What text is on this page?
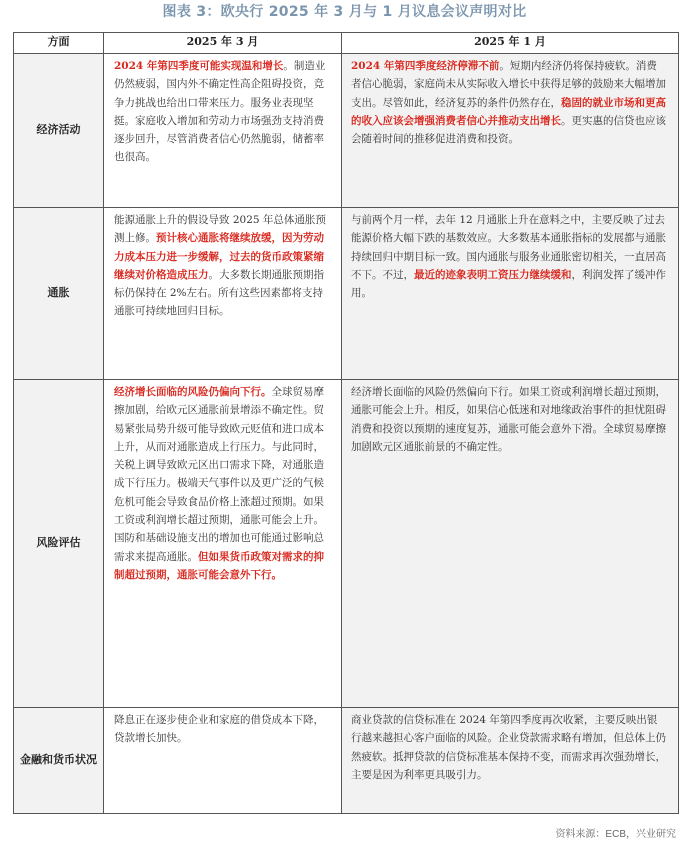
图表 3：欧央行 2025 年 3 月与 1 月议息会议声明对比
方面	2025 年 3 月	2025 年 1 月
经济活动	2024 年第四季度可能实现温和增长。制造业仍然疲弱，国内外不确定性高企阻碍投资，竞争力挑战也给出口带来压力。服务业表现坚挺。家庭收入增加和劳动力市场强劲支持消费逐步回升，尽管消费者信心仍然脆弱，储蓄率也很高。	2024 年第四季度经济停滞不前。短期内经济仍将保持疲软。消费者信心脆弱，家庭尚未从实际收入增长中获得足够的鼓励来大幅增加支出。尽管如此，经济复苏的条件仍然存在，稳固的就业市场和更高的收入应该会增强消费者信心并推动支出增长。更实惠的信贷也应该会随着时间的推移促进消费和投资。
通胀	能源通胀上升的假设导致 2025 年总体通胀预测上修。预计核心通胀将继续放缓，因为劳动力成本压力进一步缓解，过去的货币政策紧缩继续对价格造成压力。大多数长期通胀预期指标仍保持在 2%左右。所有这些因素都将支持通胀可持续地回归目标。	与前两个月一样，去年 12 月通胀上升在意料之中，主要反映了过去能源价格大幅下跌的基数效应。大多数基本通胀指标的发展都与通胀持续回归中期目标一致。国内通胀与服务业通胀密切相关，一直居高不下。不过，最近的迹象表明工资压力继续缓和，利润发挥了缓冲作用。
风险评估	经济增长面临的风险仍偏向下行。全球贸易摩擦加剧，给欧元区通胀前景增添不确定性。贸易紧张局势升级可能导致欧元贬值和进口成本上升，从而对通胀造成上行压力。与此同时，关税上调导致欧元区出口需求下降，对通胀造成下行压力。极端天气事件以及更广泛的气候危机可能会导致食品价格上涨超过预期。如果工资或利润增长超过预期，通胀可能会上升。国防和基础设施支出的增加也可能通过影响总需求来提高通胀。但如果货币政策对需求的抑制超过预期，通胀可能会意外下行。	经济增长面临的风险仍然偏向下行。如果工资或利润增长超过预期，通胀可能会上升。相反，如果信心低迷和对地缘政治事件的担忧阻碍消费和投资以预期的速度复苏，通胀可能会意外下滑。全球贸易摩擦加剧欧元区通胀前景的不确定性。
金融和货币状况	降息正在逐步使企业和家庭的借贷成本下降，贷款增长加快。	商业贷款的信贷标准在 2024 年第四季度再次收紧，主要反映出银行越来越担心客户面临的风险。企业贷款需求略有增加，但总体上仍然疲软。抵押贷款的信贷标准基本保持不变，而需求再次强劲增长，主要是因为利率更具吸引力。
资料来源：ECB，兴业研究
